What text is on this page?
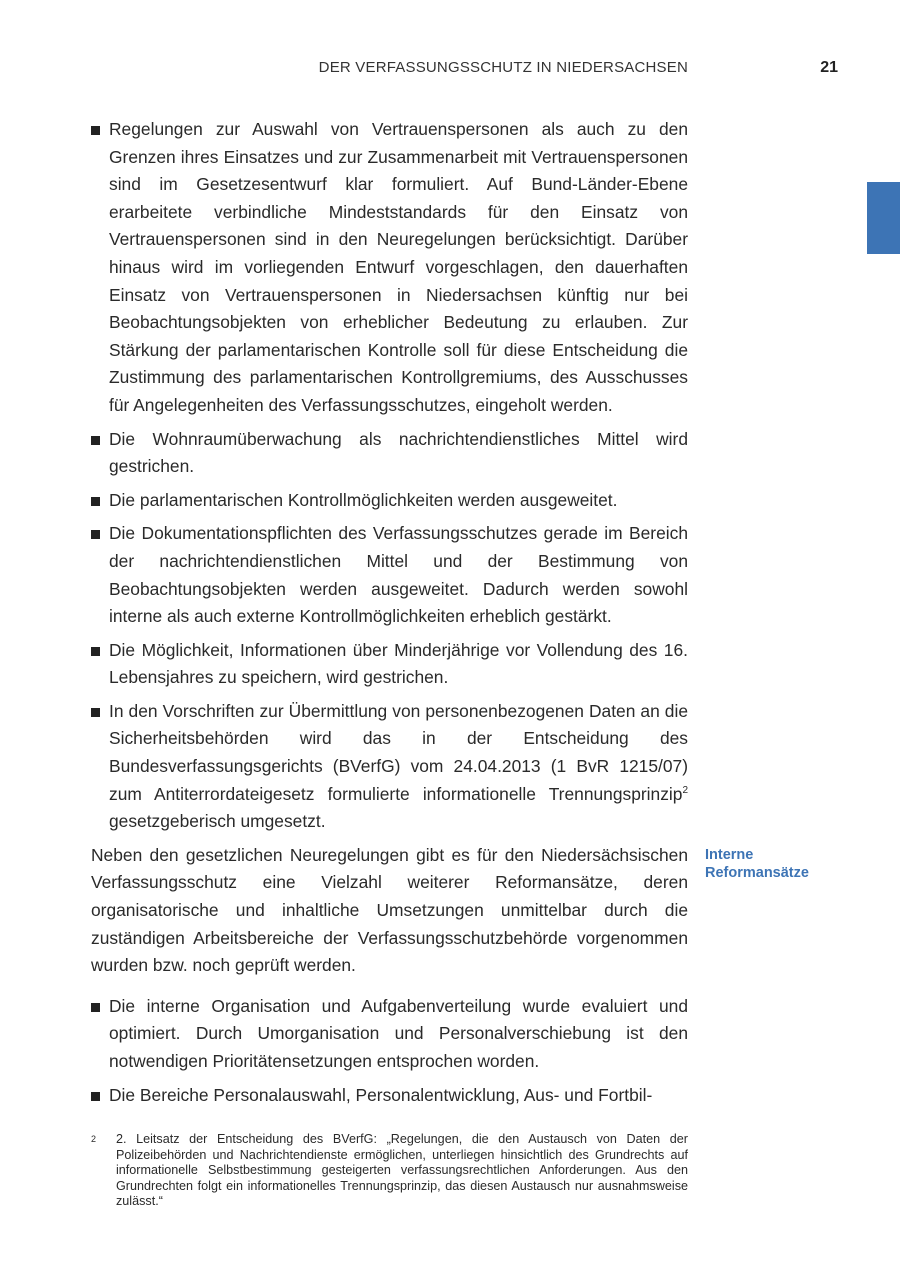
DER VERFASSUNGSSCHUTZ IN NIEDERSACHSEN	21
Regelungen zur Auswahl von Vertrauenspersonen als auch zu den Grenzen ihres Einsatzes und zur Zusammenarbeit mit Vertrauenspersonen sind im Gesetzesentwurf klar formuliert. Auf Bund-Länder-Ebene erarbeitete verbindliche Mindeststandards für den Einsatz von Vertrauenspersonen sind in den Neuregelungen berücksichtigt. Darüber hinaus wird im vorliegenden Entwurf vorgeschlagen, den dauerhaften Einsatz von Vertrauenspersonen in Niedersachsen künftig nur bei Beobachtungsobjekten von erheblicher Bedeutung zu erlauben. Zur Stärkung der parlamentarischen Kontrolle soll für diese Entscheidung die Zustimmung des parlamentarischen Kontrollgremiums, des Ausschusses für Angelegenheiten des Verfassungsschutzes, eingeholt werden.
Die Wohnraumüberwachung als nachrichtendienstliches Mittel wird gestrichen.
Die parlamentarischen Kontrollmöglichkeiten werden ausgeweitet.
Die Dokumentationspflichten des Verfassungsschutzes gerade im Bereich der nachrichtendienstlichen Mittel und der Bestimmung von Beobachtungsobjekten werden ausgeweitet. Dadurch werden sowohl interne als auch externe Kontrollmöglichkeiten erheblich gestärkt.
Die Möglichkeit, Informationen über Minderjährige vor Vollendung des 16. Lebensjahres zu speichern, wird gestrichen.
In den Vorschriften zur Übermittlung von personenbezogenen Daten an die Sicherheitsbehörden wird das in der Entscheidung des Bundesverfassungsgerichts (BVerfG) vom 24.04.2013 (1 BvR 1215/07) zum Antiterrordateigesetz formulierte informationelle Trennungsprinzip$^2$ gesetzgeberisch umgesetzt.

Neben den gesetzlichen Neuregelungen gibt es für den Niedersächsischen Verfassungsschutz eine Vielzahl weiterer Reformansätze, deren organisatorische und inhaltliche Umsetzungen unmittelbar durch die zuständigen Arbeitsbereiche der Verfassungsschutzbehörde vorgenommen wurden bzw. noch geprüft werden.

Die interne Organisation und Aufgabenverteilung wurde evaluiert und optimiert. Durch Umorganisation und Personalverschiebung ist den notwendigen Prioritätensetzungen entsprochen worden.
Die Bereiche Personalauswahl, Personalentwicklung, Aus- und Fortbil-
Interne
Reformansätze
2 2. Leitsatz der Entscheidung des BVerfG: „Regelungen, die den Austausch von Daten der Polizeibehörden und Nachrichtendienste ermöglichen, unterliegen hinsichtlich des Grundrechts auf informationelle Selbstbestimmung gesteigerten verfassungsrechtlichen Anforderungen. Aus den Grundrechten folgt ein informationelles Trennungsprinzip, das diesen Austausch nur ausnahmsweise zulässt.“
